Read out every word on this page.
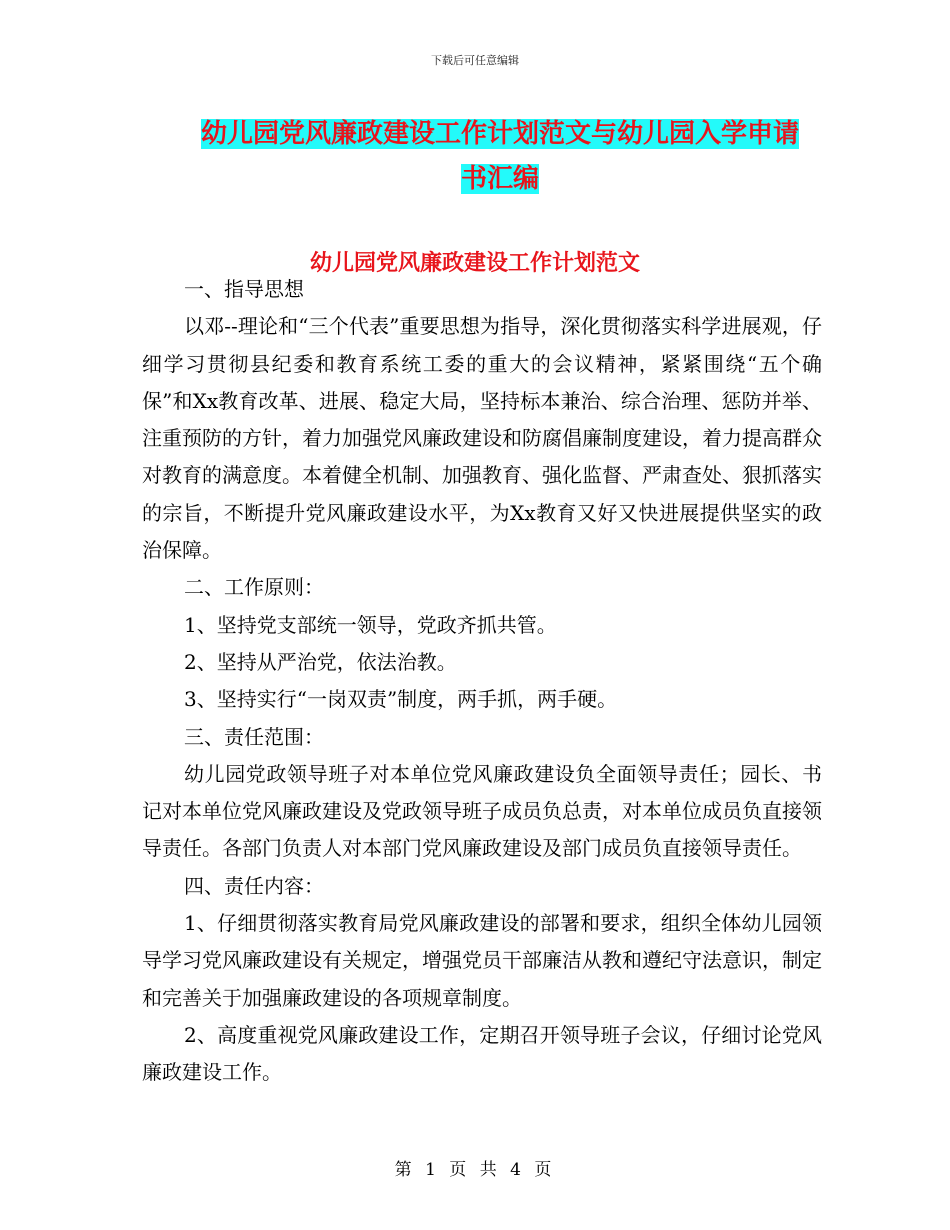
下载后可任意编辑
幼儿园党风廉政建设工作计划范文与幼儿园入学申请
书汇编
幼儿园党风廉政建设工作计划范文

一、指导思想

以邓--理论和“三个代表”重要思想为指导，深化贯彻落实科学进展观，仔细学习贯彻县纪委和教育系统工委的重大的会议精神，紧紧围绕“五个确保”和Xx教育改革、进展、稳定大局，坚持标本兼治、综合治理、惩防并举、注重预防的方针，着力加强党风廉政建设和防腐倡廉制度建设，着力提高群众对教育的满意度。本着健全机制、加强教育、强化监督、严肃查处、狠抓落实的宗旨，不断提升党风廉政建设水平，为Xx教育又好又快进展提供坚实的政治保障。

二、工作原则：

1、坚持党支部统一领导，党政齐抓共管。

2、坚持从严治党，依法治教。

3、坚持实行“一岗双责”制度，两手抓，两手硬。

三、责任范围：

幼儿园党政领导班子对本单位党风廉政建设负全面领导责任；园长、书记对本单位党风廉政建设及党政领导班子成员负总责，对本单位成员负直接领导责任。各部门负责人对本部门党风廉政建设及部门成员负直接领导责任。

四、责任内容：

1、仔细贯彻落实教育局党风廉政建设的部署和要求，组织全体幼儿园领导学习党风廉政建设有关规定，增强党员干部廉洁从教和遵纪守法意识，制定和完善关于加强廉政建设的各项规章制度。

2、高度重视党风廉政建设工作，定期召开领导班子会议，仔细讨论党风廉政建设工作。

第 1 页 共 4 页
